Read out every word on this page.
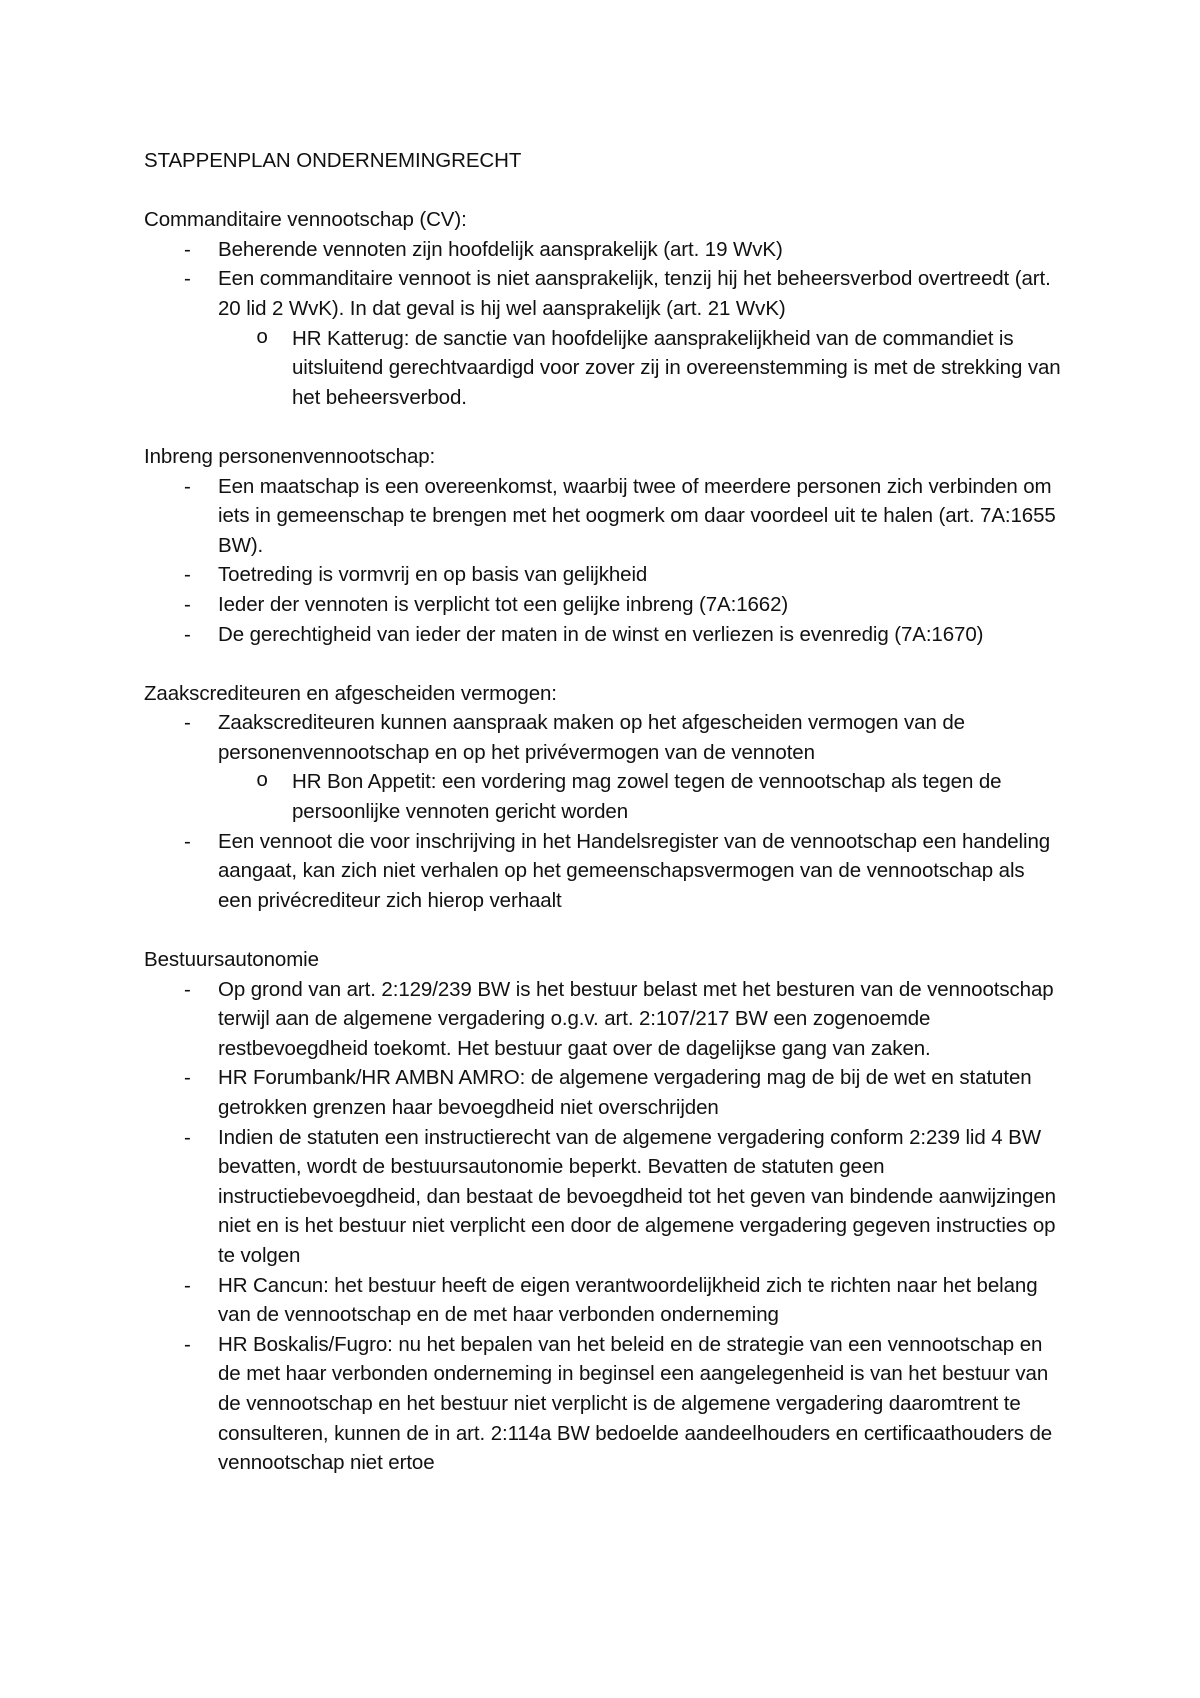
STAPPENPLAN ONDERNEMINGRECHT
Commanditaire vennootschap (CV):
- Beherende vennoten zijn hoofdelijk aansprakelijk (art. 19 WvK)
- Een commanditaire vennoot is niet aansprakelijk, tenzij hij het beheersverbod overtreedt (art. 20 lid 2 WvK). In dat geval is hij wel aansprakelijk (art. 21 WvK)
o HR Katterug: de sanctie van hoofdelijke aansprakelijkheid van de commandiet is uitsluitend gerechtvaardigd voor zover zij in overeenstemming is met de strekking van het beheersverbod.
Inbreng personenvennootschap:
- Een maatschap is een overeenkomst, waarbij twee of meerdere personen zich verbinden om iets in gemeenschap te brengen met het oogmerk om daar voordeel uit te halen (art. 7A:1655 BW).
- Toetreding is vormvrij en op basis van gelijkheid
- Ieder der vennoten is verplicht tot een gelijke inbreng (7A:1662)
- De gerechtigheid van ieder der maten in de winst en verliezen is evenredig (7A:1670)
Zaakscrediteuren en afgescheiden vermogen:
- Zaakscrediteuren kunnen aanspraak maken op het afgescheiden vermogen van de personenvennootschap en op het privévermogen van de vennoten
o HR Bon Appetit: een vordering mag zowel tegen de vennootschap als tegen de persoonlijke vennoten gericht worden
- Een vennoot die voor inschrijving in het Handelsregister van de vennootschap een handeling aangaat, kan zich niet verhalen op het gemeenschapsvermogen van de vennootschap als een privécrediteur zich hierop verhaalt
Bestuursautonomie
- Op grond van art. 2:129/239 BW is het bestuur belast met het besturen van de vennootschap terwijl aan de algemene vergadering o.g.v. art. 2:107/217 BW een zogenoemde restbevoegdheid toekomt. Het bestuur gaat over de dagelijkse gang van zaken.
- HR Forumbank/HR AMBN AMRO: de algemene vergadering mag de bij de wet en statuten getrokken grenzen haar bevoegdheid niet overschrijden
- Indien de statuten een instructierecht van de algemene vergadering conform 2:239 lid 4 BW bevatten, wordt de bestuursautonomie beperkt. Bevatten de statuten geen instructiebevoegdheid, dan bestaat de bevoegdheid tot het geven van bindende aanwijzingen niet en is het bestuur niet verplicht een door de algemene vergadering gegeven instructies op te volgen
- HR Cancun: het bestuur heeft de eigen verantwoordelijkheid zich te richten naar het belang van de vennootschap en de met haar verbonden onderneming
- HR Boskalis/Fugro: nu het bepalen van het beleid en de strategie van een vennootschap en de met haar verbonden onderneming in beginsel een aangelegenheid is van het bestuur van de vennootschap en het bestuur niet verplicht is de algemene vergadering daaromtrent te consulteren, kunnen de in art. 2:114a BW bedoelde aandeelhouders en certificaathouders de vennootschap niet ertoe
